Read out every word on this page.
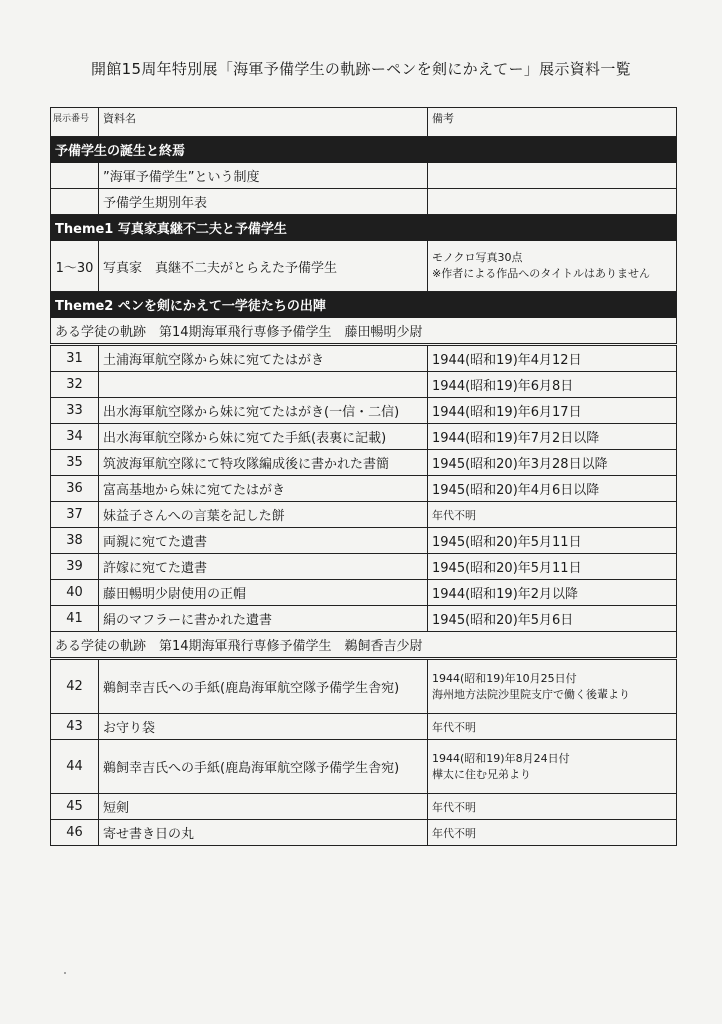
開館15周年特別展「海軍予備学生の軌跡ーペンを剣にかえてー」展示資料一覧
展示番号	資料名	備考
予備学生の誕生と終焉		
	”海軍予備学生”という制度	
	予備学生期別年表	
Theme1 写真家真継不二夫と予備学生		
1～30	写真家　真継不二夫がとらえた予備学生	モノクロ写真30点
※作者による作品へのタイトルはありません

Theme2 ペンを剣にかえて一学徒たちの出陣		
ある学徒の軌跡　第14期海軍飛行専修予備学生　藤田暢明少尉		
31	土浦海軍航空隊から妹に宛てたはがき	1944(昭和19)年4月12日
32		1944(昭和19)年6月8日
33	出水海軍航空隊から妹に宛てたはがき(一信・二信)	1944(昭和19)年6月17日
34	出水海軍航空隊から妹に宛てた手紙(表裏に記載)	1944(昭和19)年7月2日以降
35	筑波海軍航空隊にて特攻隊編成後に書かれた書簡	1945(昭和20)年3月28日以降
36	富高基地から妹に宛てたはがき	1945(昭和20)年4月6日以降
37	妹益子さんへの言葉を記した餅	年代不明
38	両親に宛てた遺書	1945(昭和20)年5月11日
39	許嫁に宛てた遺書	1945(昭和20)年5月11日
40	藤田暢明少尉使用の正帽	1944(昭和19)年2月以降
41	絹のマフラーに書かれた遺書	1945(昭和20)年5月6日
ある学徒の軌跡　第14期海軍飛行専修予備学生　鵜飼香吉少尉		
42	鵜飼幸吉氏への手紙(鹿島海軍航空隊予備学生舎宛)	1944(昭和19)年10月25日付
海州地方法院沙里院支庁で働く後輩より

43	お守り袋	年代不明
44	鵜飼幸吉氏への手紙(鹿島海軍航空隊予備学生舎宛)	1944(昭和19)年8月24日付
樺太に住む兄弟より

45	短剣	年代不明
46	寄せ書き日の丸	年代不明
